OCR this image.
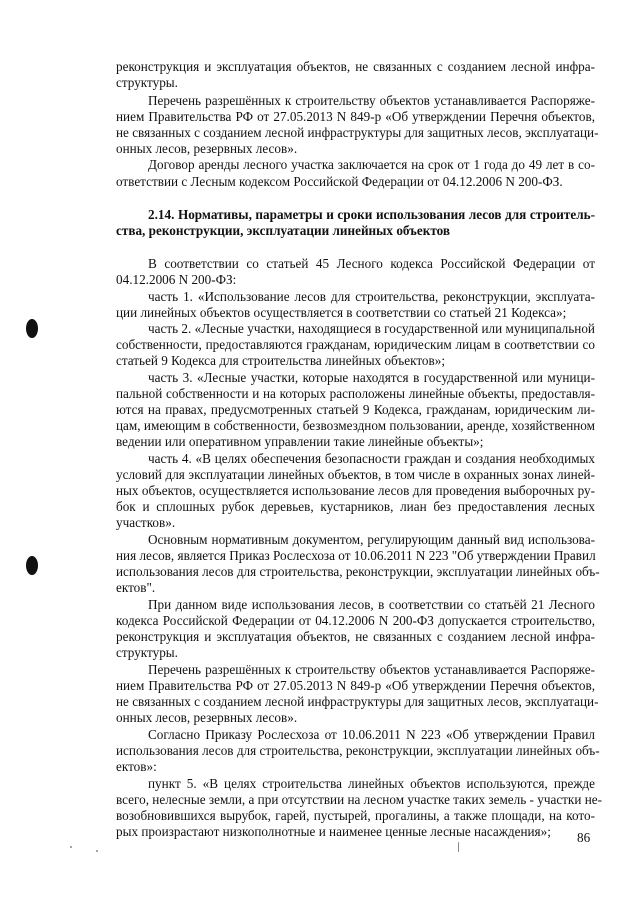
реконструкция и эксплуатация объектов, не связанных с созданием лесной инфра-
структуры.
Перечень разрешённых к строительству объектов устанавливается Распоряже-
нием Правительства РФ от 27.05.2013 N 849-р «Об утверждении Перечня объектов,
не связанных с созданием лесной инфраструктуры для защитных лесов, эксплуатаци-
онных лесов, резервных лесов».
Договор аренды лесного участка заключается на срок от 1 года до 49 лет в со-
ответствии с Лесным кодексом Российской Федерации от 04.12.2006 N 200-ФЗ.
2.14. Нормативы, параметры и сроки использования лесов для строитель-
ства, реконструкции, эксплуатации линейных объектов
В соответствии со статьей 45 Лесного кодекса Российской Федерации от
04.12.2006 N 200-ФЗ:
часть 1. «Использование лесов для строительства, реконструкции, эксплуата-
ции линейных объектов осуществляется в соответствии со статьей 21 Кодекса»;
часть 2. «Лесные участки, находящиеся в государственной или муниципальной
собственности, предоставляются гражданам, юридическим лицам в соответствии со
статьей 9 Кодекса для строительства линейных объектов»;
часть 3. «Лесные участки, которые находятся в государственной или муници-
пальной собственности и на которых расположены линейные объекты, предоставля-
ются на правах, предусмотренных статьей 9 Кодекса, гражданам, юридическим ли-
цам, имеющим в собственности, безвозмездном пользовании, аренде, хозяйственном
ведении или оперативном управлении такие линейные объекты»;
часть 4. «В целях обеспечения безопасности граждан и создания необходимых
условий для эксплуатации линейных объектов, в том числе в охранных зонах линей-
ных объектов, осуществляется использование лесов для проведения выборочных ру-
бок и сплошных рубок деревьев, кустарников, лиан без предоставления лесных
участков».
Основным нормативным документом, регулирующим данный вид использова-
ния лесов, является Приказ Рослесхоза от 10.06.2011 N 223 "Об утверждении Правил
использования лесов для строительства, реконструкции, эксплуатации линейных объ-
ектов".
При данном виде использования лесов, в соответствии со статьёй 21 Лесного
кодекса Российской Федерации от 04.12.2006 N 200-ФЗ допускается строительство,
реконструкция и эксплуатация объектов, не связанных с созданием лесной инфра-
структуры.
Перечень разрешённых к строительству объектов устанавливается Распоряже-
нием Правительства РФ от 27.05.2013 N 849-р «Об утверждении Перечня объектов,
не связанных с созданием лесной инфраструктуры для защитных лесов, эксплуатаци-
онных лесов, резервных лесов».
Согласно Приказу Рослесхоза от 10.06.2011 N 223 «Об утверждении Правил
использования лесов для строительства, реконструкции, эксплуатации линейных объ-
ектов»:
пункт 5. «В целях строительства линейных объектов используются, прежде
всего, нелесные земли, а при отсутствии на лесном участке таких земель - участки не-
возобновившихся вырубок, гарей, пустырей, прогалины, а также площади, на кото-
рых произрастают низкополнотные и наименее ценные лесные насаждения»;	86
